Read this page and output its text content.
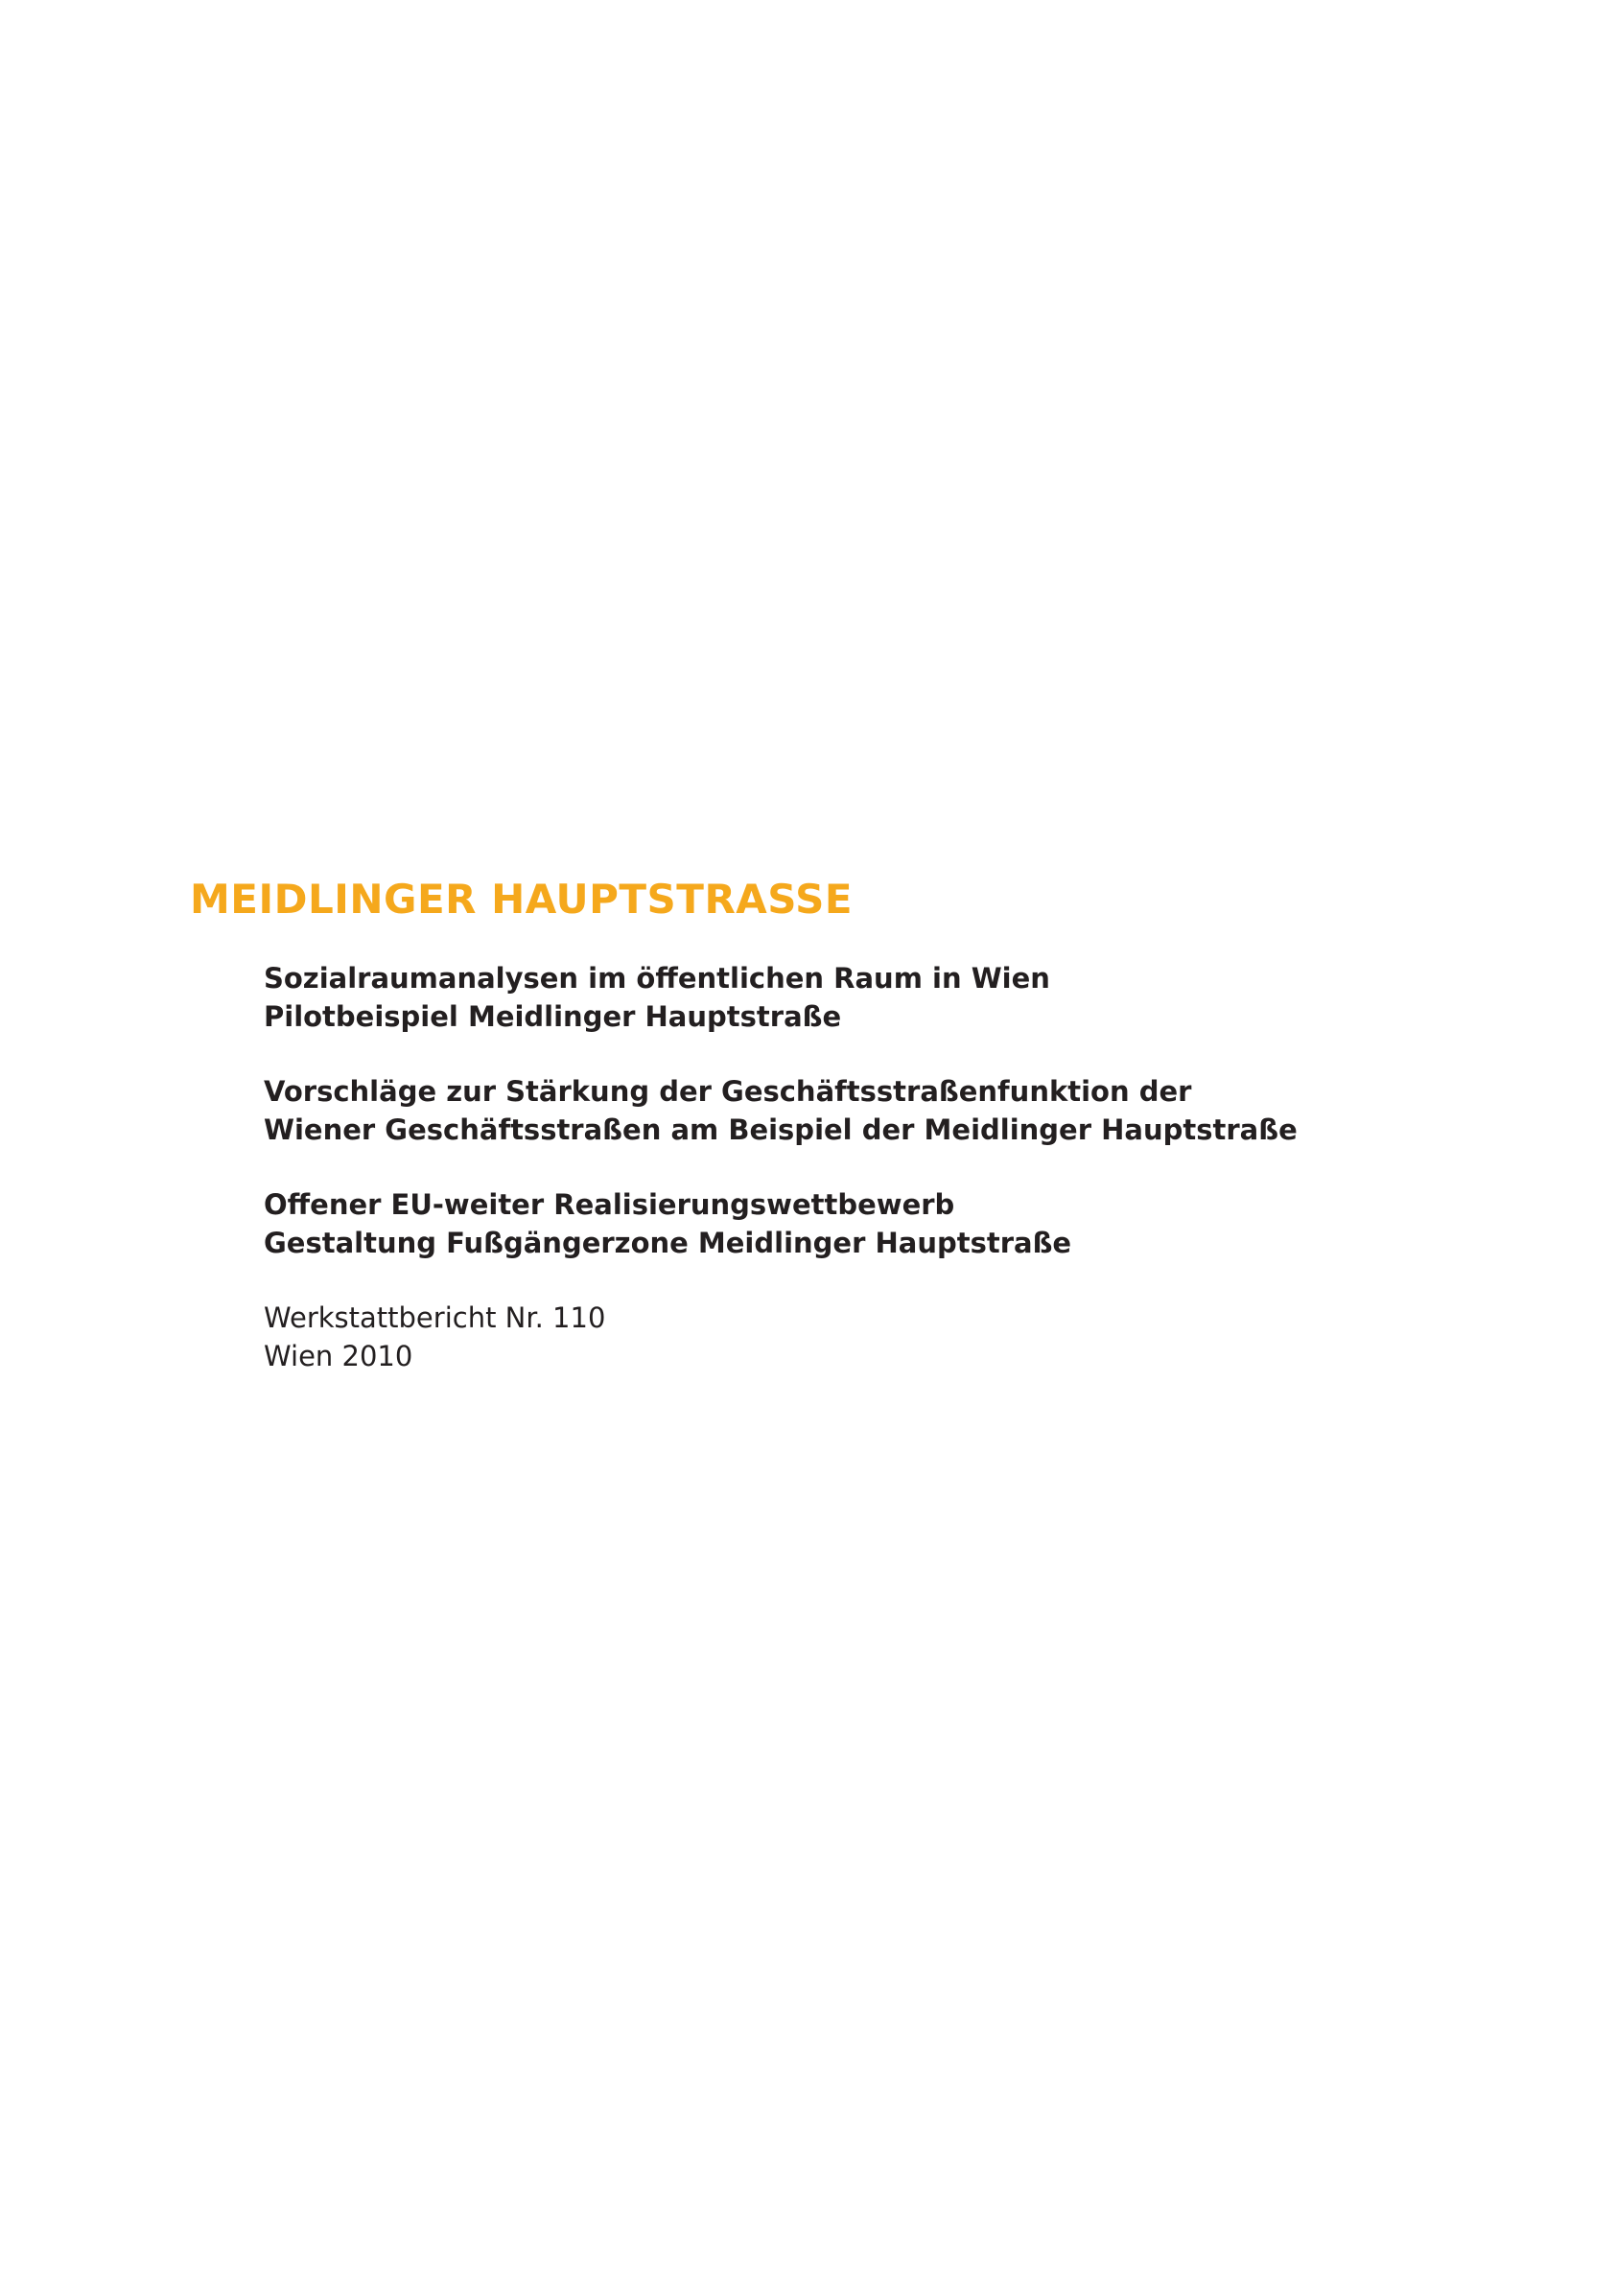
MEIDLINGER HAUPTSTRASSE

Sozialraumanalysen im öffentlichen Raum in Wien

Pilotbeispiel Meidlinger Hauptstraße

Vorschläge zur Stärkung der Geschäftsstraßenfunktion der

Wiener Geschäftsstraßen am Beispiel der Meidlinger Hauptstraße

Offener EU-weiter Realisierungswettbewerb

Gestaltung Fußgängerzone Meidlinger Hauptstraße

Werkstattbericht Nr. 110

Wien 2010
